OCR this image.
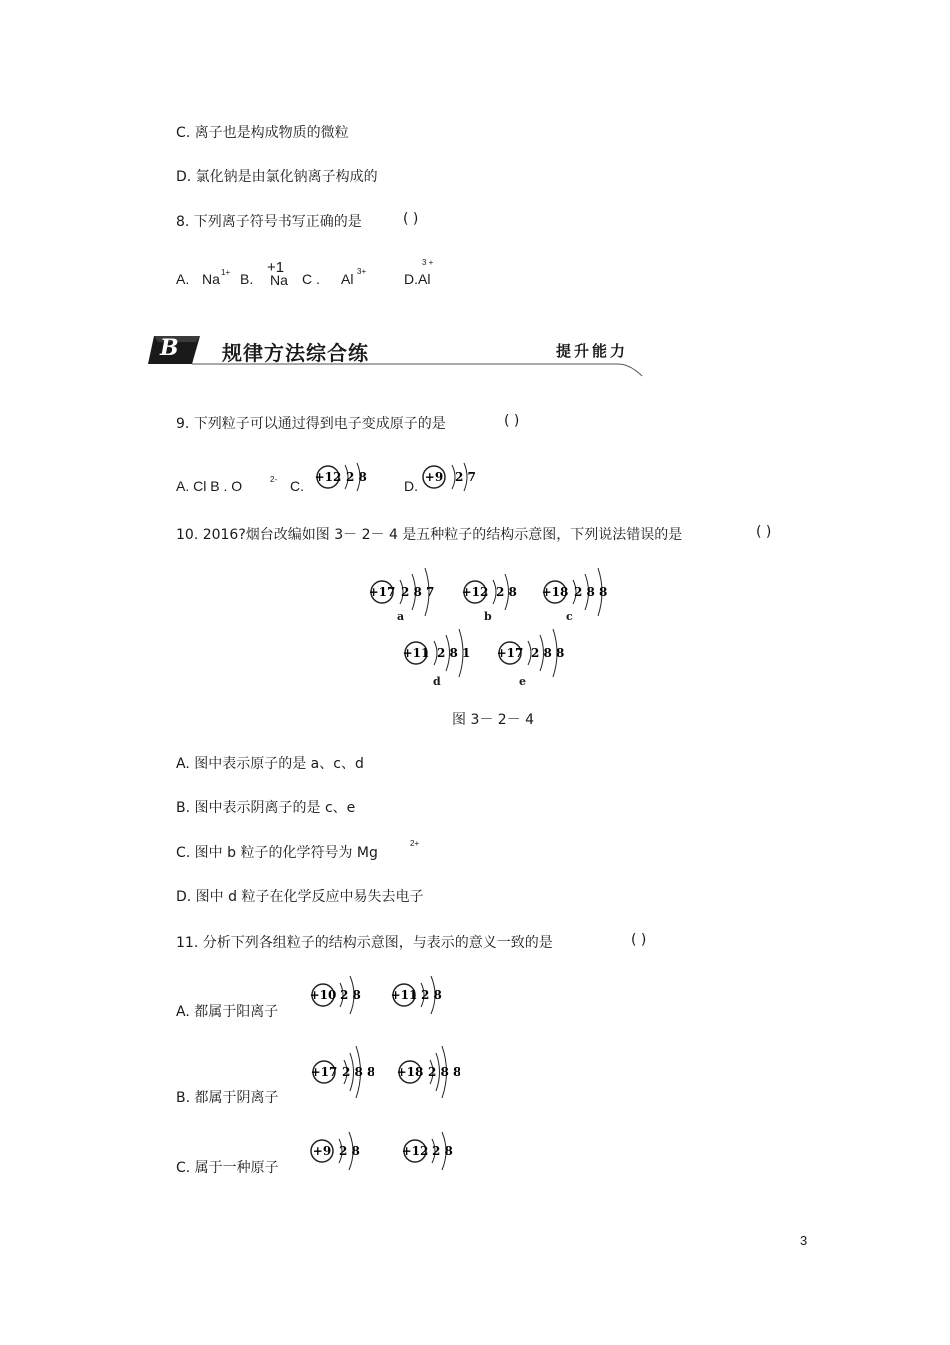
C. 离子也是构成物质的微粒
D. 氯化钠是由氯化钠离子构成的
8. 下列离子符号书写正确的是	( )
A. Na 1+ B.
+1
Na C . Al 3+
3 +
D.Al
B 规律方法综合练	提升能力
9. 下列粒子可以通过得到电子变成原子的是	( )
A. Cl B . O	2- C.	D.
+12 2 8	+9 2 7
10. 2016?烟台改编如图 3－ 2－ 4 是五种粒子的结构示意图，下列说法错误的是	( )
+17 2 8 7
a
+12 2 8
b
+18 2 8 8
c
+11 2 8 1
d
+17 2 8 8
e
图 3－ 2－ 4
A. 图中表示原子的是 a、c、d
B. 图中表示阴离子的是 c、e
C. 图中 b 粒子的化学符号为 Mg
2+
D. 图中 d 粒子在化学反应中易失去电子
11. 分析下列各组粒子的结构示意图，与表示的意义一致的是	( )
A. 都属于阳离子
+10 2 8 +11 2 8
B. 都属于阴离子
+17 2 8 8 +18 2 8 8
C. 属于一种原子
+9 2 8	+12 2 8
3
